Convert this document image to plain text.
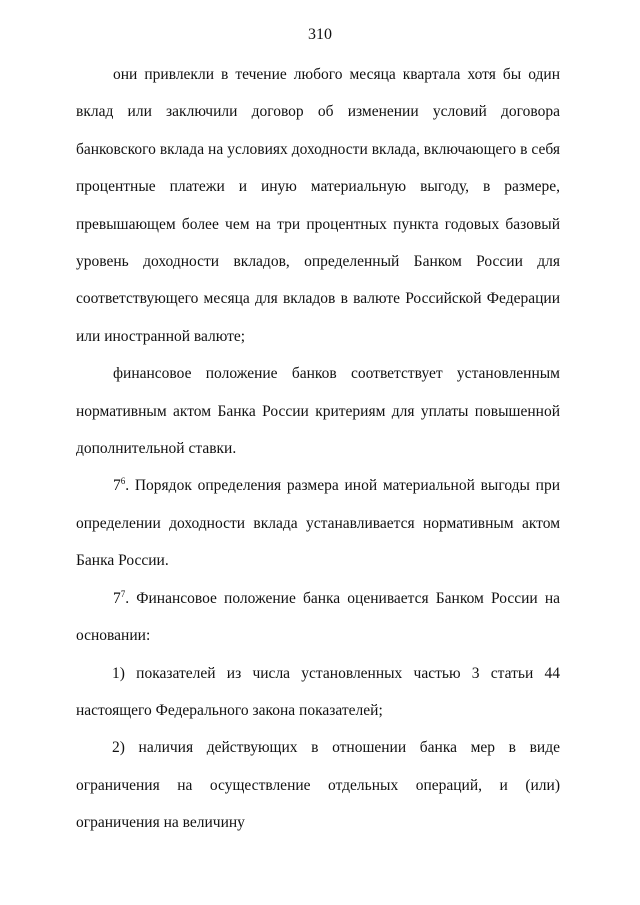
310

они привлекли в течение любого месяца квартала хотя бы один вклад или заключили договор об изменении условий договора банковского вклада на условиях доходности вклада, включающего в себя процентные платежи и иную материальную выгоду, в размере, превышающем более чем на три процентных пункта годовых базовый уровень доходности вкладов, определенный Банком России для соответствующего месяца для вкладов в валюте Российской Федерации или иностранной валюте;

финансовое положение банков соответствует установленным нормативным актом Банка России критериям для уплаты повышенной дополнительной ставки.

$7^6$. Порядок определения размера иной материальной выгоды при определении доходности вклада устанавливается нормативным актом Банка России.

$7^7$. Финансовое положение банка оценивается Банком России на основании:

1) показателей из числа установленных частью 3 статьи 44 настоящего Федерального закона показателей;

2) наличия действующих в отношении банка мер в виде ограничения на осуществление отдельных операций, и (или) ограничения на величину
